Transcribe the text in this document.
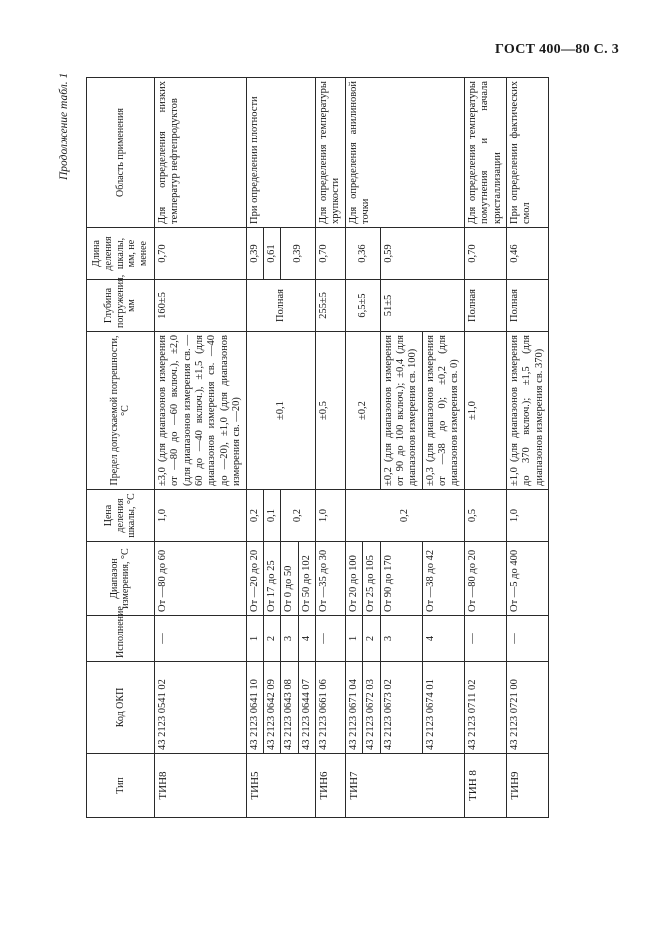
ГОСТ 400—80 С. 3
Продолжение табл. 1
Тип	Код ОКП	Исполнение	Диапазон измерения, °С	Цена деления шкалы, °С	Предел допускаемой погрешности, °С	Глубина погружения, мм	Длина деления шкалы, мм, не менее	Область применения
ТИН8	43 2123 0541 02	—	От —80 до 60	1,0	±3,0 (для диапазонов измерения от —80 до —60 включ.), ±2,0 (для диапазонов измерения св. —60 до —40 включ.), ±1,5 (для диапазонов измерения св. —40 до —20), ±1,0 (для диапазонов измерения св. —20)	160±5	0,70	Для определения низких температур нефтепродуктов
ТИН5	43 2123 0641 10	1	От —20 до 20	0,2	±0,1	Полная	0,39	При определении плотности
	43 2123 0642 09	2	От 17 до 25	0,1			0,61	
	43 2123 0643 08	3	От 0 до 50	0,2			0,39	
	43 2123 0644 07	4	От 50 до 102					
ТИН6	43 2123 0661 06	—	От —35 до 30	1,0	±0,5	255±5	0,70	Для определения температуры хрупкости
ТИН7	43 2123 0671 04	1	От 20 до 100	0,2	±0,2	6,5±5	0,36	Для определения анилиновой точки
	43 2123 0672 03	2	От 25 до 105					
	43 2123 0673 02	3	От 90 до 170		±0,2 (для диапазонов измерения от 90 до 100 включ.); ±0,4 (для диапазонов измерения св. 100)	51±5	0,59	
	43 2123 0674 01	4	От —38 до 42		±0,3 (для диапазонов измерения от —38 до 0); ±0,2 (для диапазонов измерения св. 0)			
ТИН 8	43 2123 0711 02	—	От —80 до 20	0,5	±1,0	Полная	0,70	Для определения температуры помутнения и начала кристаллизации
ТИН9	43 2123 0721 00	—	От —5 до 400	1,0	±1,0 (для диапазонов измерения до 370 включ.); ±1,5 (для диапазонов измерения св. 370)	Полная	0,46	При определении фактических смол
